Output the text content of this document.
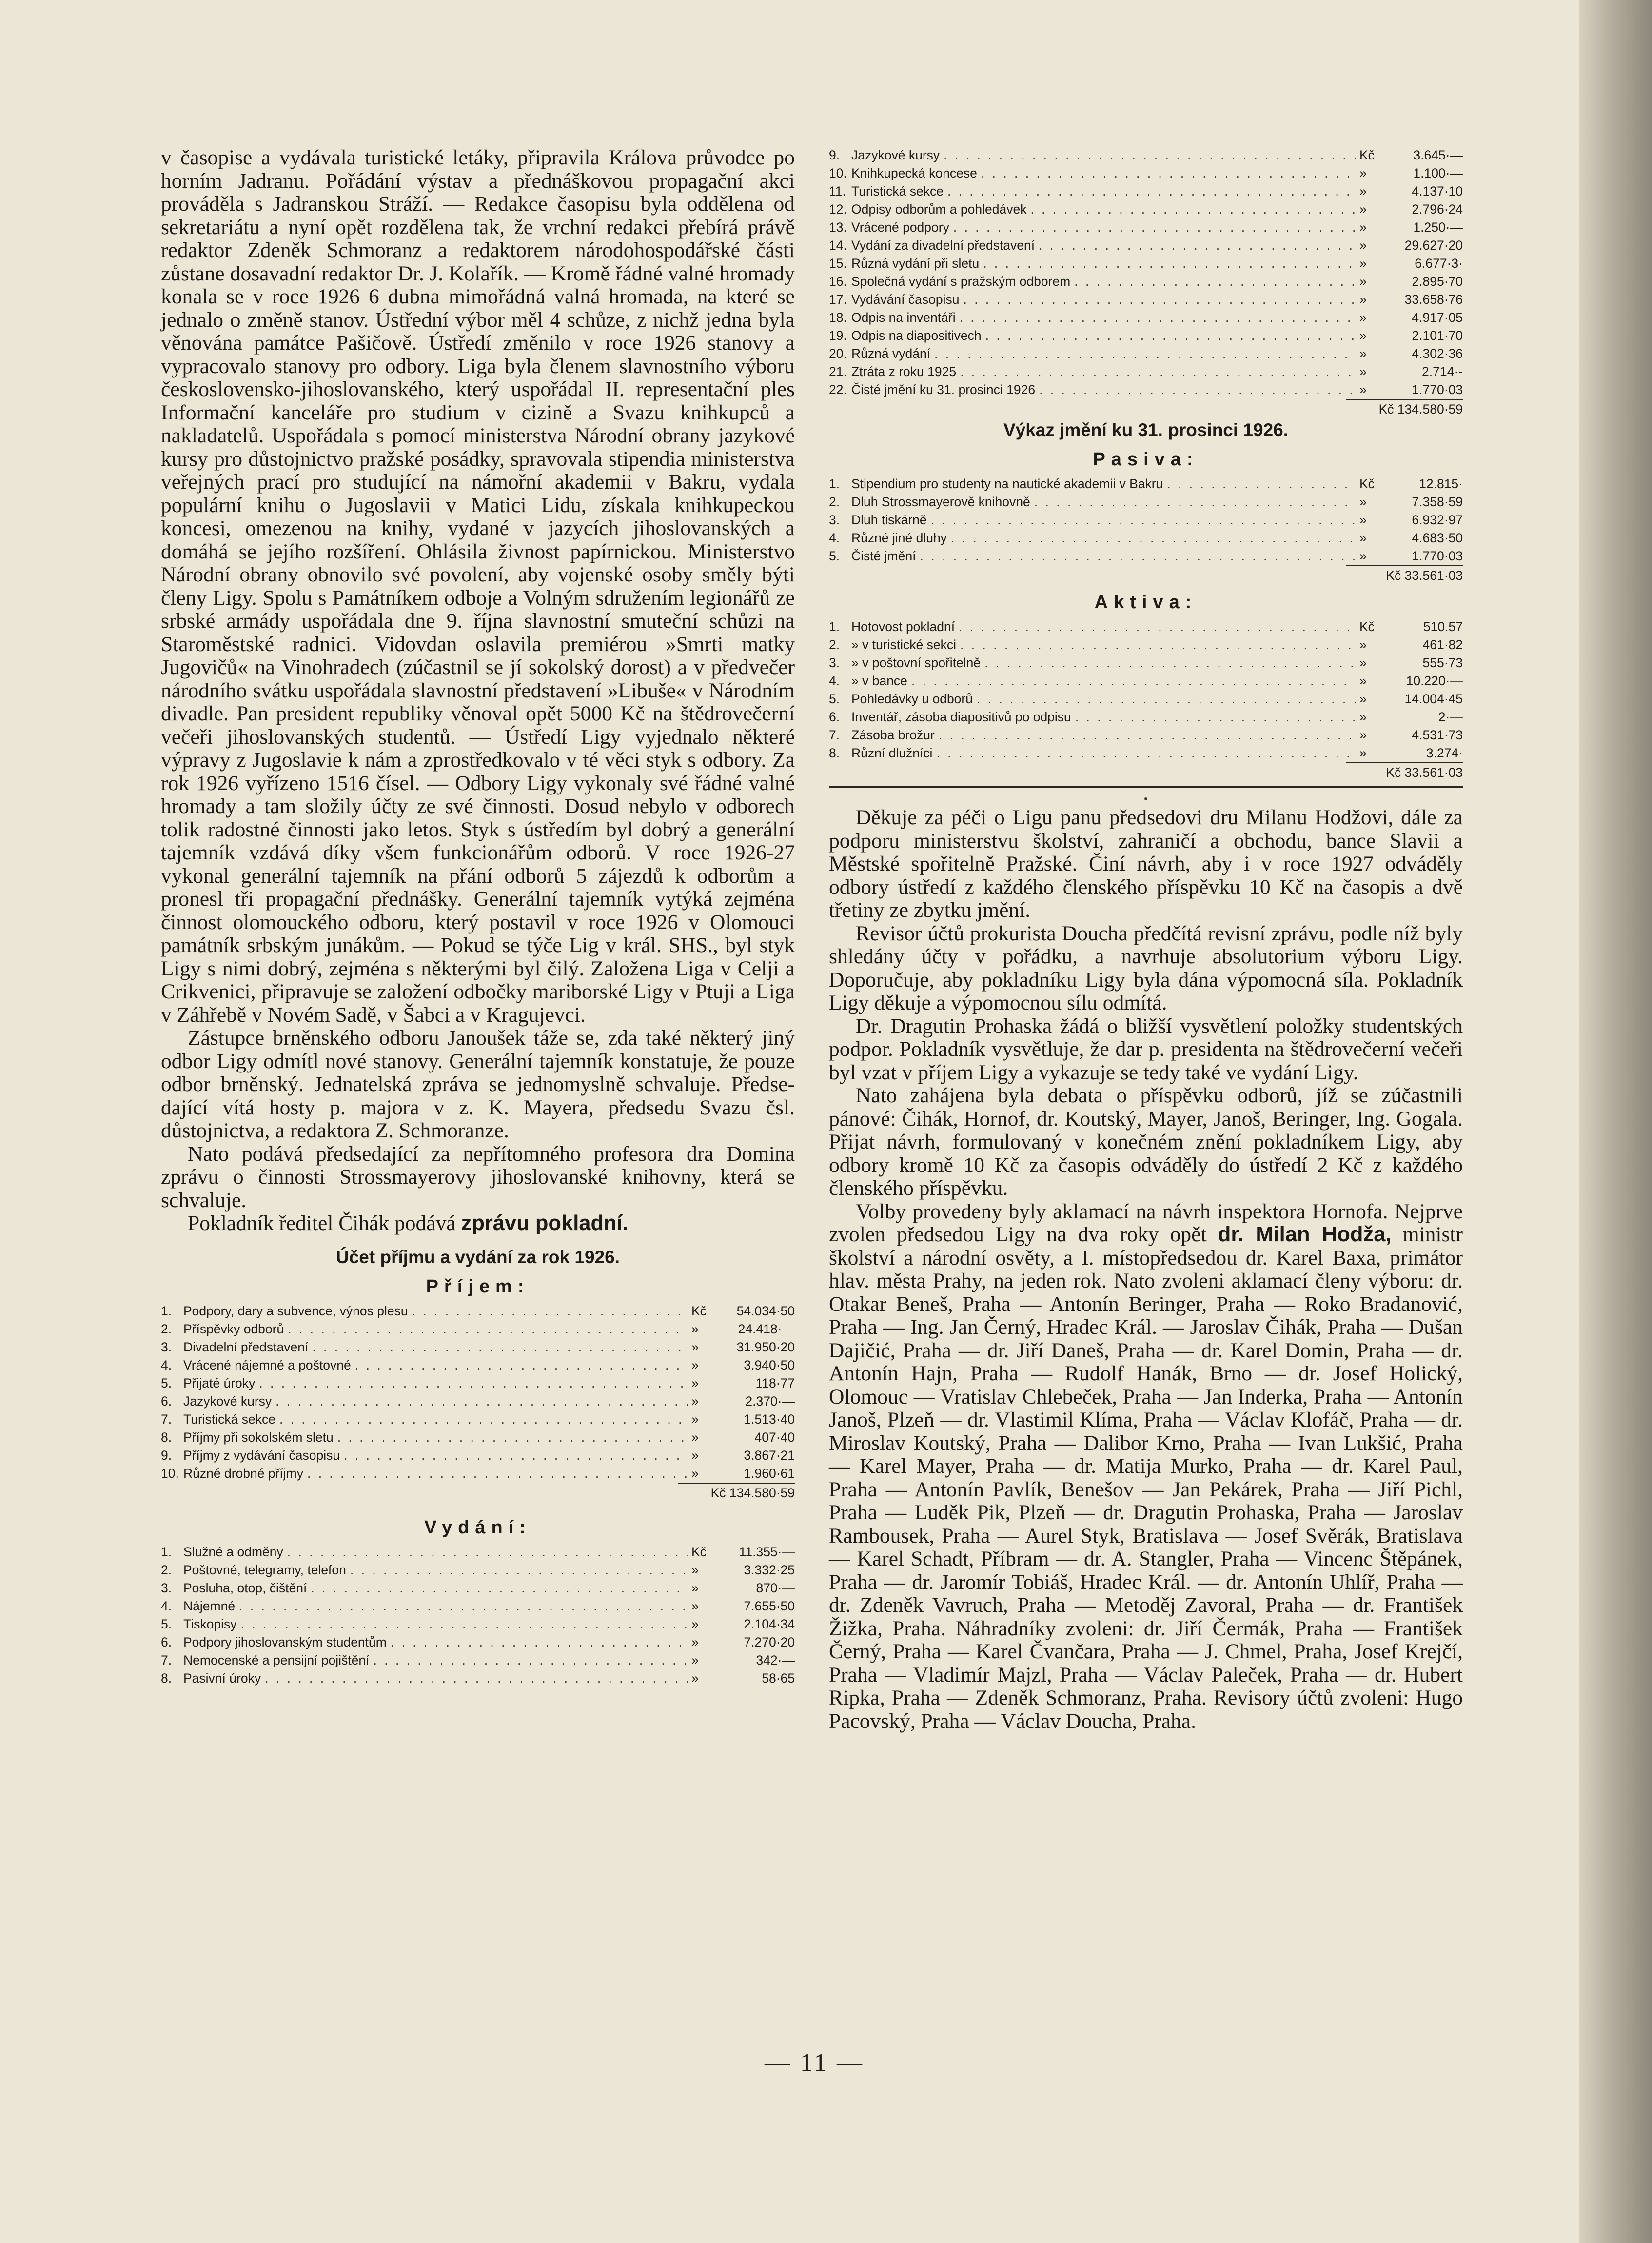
v časopise a vydávala turistické letáky, připravila Králova průvodce po horním Jadranu. Pořádání výstav a přednáškovou propagační akci prováděla s Jadranskou Stráží. — Redakce časopisu byla oddělena od sekretariátu a nyní opět rozdělena tak, že vrchní redakci přebírá právě redaktor Zdeněk Schmoranz a redaktorem národohospodářské části zůstane dosavadní redaktor Dr. J. Kolařík. — Kromě řádné valné hromady konala se v roce 1926 6 dubna mimořádná valná hromada, na které se jednalo o změně stanov. Ústřední výbor měl 4 schůze, z nichž jedna byla věnována památce Pašičově. Ústředí změnilo v roce 1926 stanovy a vypracovalo stanovy pro odbory. Liga byla členem slavnostního výboru československo-jihoslovanského, který uspořádal II. representační ples Informační kanceláře pro studium v cizině a Svazu knihkupců a nakladatelů. Uspořádala s pomocí ministerstva Národní obrany jazykové kursy pro důstojnictvo pražské posádky, spravovala stipendia ministerstva veřejných prací pro studující na námořní akademii v Bakru, vydala populární knihu o Jugoslavii v Matici Lidu, získala knihkupeckou koncesi, omezenou na knihy, vydané v jazycích jihoslovanských a domáhá se jejího rozšíření. Ohlásila živnost papírnickou. Ministerstvo Národní obrany obnovilo své povolení, aby vojenské osoby směly býti členy Ligy. Spolu s Památníkem odboje a Volným sdružením legionářů ze srbské armády uspořádala dne 9. října slavnostní smuteční schůzi na Staroměstské radnici. Vidovdan oslavila premiérou »Smrti matky Jugovičů« na Vinohradech (zúčastnil se jí sokolský dorost) a v předvečer národního svátku uspořádala slavnostní představení »Libuše« v Národním divadle. Pan president republiky věnoval opět 5000 Kč na štědrovečerní večeři jihoslovanských studentů. — Ústředí Ligy vyjednalo některé výpravy z Jugoslavie k nám a zprostředkovalo v té věci styk s odbory. Za rok 1926 vyřízeno 1516 čísel. — Odbory Ligy vykonaly své řádné valné hromady a tam složily účty ze své činnosti. Dosud nebylo v odborech tolik radostné činnosti jako letos. Styk s ústředím byl dobrý a generální tajemník vzdává díky všem funkcionářům odborů. V roce 1926-27 vykonal generální tajemník na přání odborů 5 zájezdů k odborům a pronesl tři propagační přednášky. Generální tajemník vytýká zejména činnost olomouckého odboru, který postavil v roce 1926 v Olomouci památník srbským junákům. — Pokud se týče Lig v král. SHS., byl styk Ligy s nimi dobrý, zejména s některými byl čilý. Založena Liga v Celji a Crikvenici, připravuje se založení odbočky mariborské Ligy v Ptuji a Liga v Záhřebě v Novém Sadě, v Šabci a v Kragujevci.

Zástupce brněnského odboru Janoušek táže se, zda také některý jiný odbor Ligy odmítl nové stanovy. Generální tajemník konstatuje, že pouze odbor brněnský. Jednatelská zpráva se jednomyslně schvaluje. Předsedající vítá hosty p. majora v z. K. Mayera, předsedu Svazu čsl. důstojnictva, a redaktora Z. Schmoranze.

Nato podává předsedající za nepřítomného profesora dra Domina zprávu o činnosti Strossmayerovy jihoslovanské knihovny, která se schvaluje.

Pokladník ředitel Čihák podává zprávu pokladní.

Účet příjmu a vydání za rok 1926.
Příjem:
1. Podpory, dary a subvence, výnos plesu . . .	Kč	54.034·50
2. Příspěvky odborů . . .	»	24.418·—
3. Divadelní představení . . .	»	31.950·20
4. Vrácené nájemné a poštovné . . .	»	3.940·50
5. Přijaté úroky . . .	»	118·77
6. Jazykové kursy . . .	»	2.370·—
7. Turistická sekce . . .	»	1.513·40
8. Příjmy při sokolském sletu . . .	»	407·40
9. Příjmy z vydávání časopisu . . .	»	3.867·21
10. Různé drobné příjmy . . .	»	1.960·61
Kč 134.580·59
Vydání:
1. Služné a odměny . . .	Kč	11.355·—
2. Poštovné, telegramy, telefon . . .	»	3.332·25
3. Posluha, otop, čištění . . .	»	870·—
4. Nájemné . . .	»	7.655·50
5. Tiskopisy . . .	»	2.104·34
6. Podpory jihoslovanským studentům . . .	»	7.270·20
7. Nemocenské a pensijní pojištění . . .	»	342·—
8. Pasivní úroky . . .	»	58·65
9. Jazykové kursy . . .	Kč	3.645·—
10. Knihkupecká koncese . . .	»	1.100·—
11. Turistická sekce . . .	»	4.137·10
12. Odpisy odborům a pohledávek . . .	»	2.796·24
13. Vrácené podpory . . .	»	1.250·—
14. Vydání za divadelní představení . . .	»	29.627·20
15. Různá vydání při sletu . . .	»	6.677·3·
16. Společná vydání s pražským odborem . . .	»	2.895·70
17. Vydávání časopisu . . .	»	33.658·76
18. Odpis na inventáři . . .	»	4.917·05
19. Odpis na diapositivech . . .	»	2.101·70
20. Různá vydání . . .	»	4.302·36
21. Ztráta z roku 1925 . . .	»	2.714·-
22. Čisté jmění ku 31. prosinci 1926 . . .	»	1.770·03
Kč 134.580·59
Výkaz jmění ku 31. prosinci 1926.
Pasiva:
1. Stipendium pro studenty na nautické akademii v Bakru . . .	Kč	12.815·
2. Dluh Strossmayerově knihovně . . .	»	7.358·59
3. Dluh tiskárně . . .	»	6.932·97
4. Různé jiné dluhy . . .	»	4.683·50
5. Čisté jmění . . .	»	1.770·03
Kč 33.561·03
Aktiva:
1. Hotovost pokladní . . .	Kč	510.57
2. » v turistické sekci . . .	»	461·82
3. » v poštovní spořitelně . . .	»	555·73
4. » v bance . . .	»	10.220·—
5. Pohledávky u odborů . . .	»	14.004·45
6. Inventář, zásoba diapositivů po odpisu . . .	»	2·—
7. Zásoba brožur . . .	»	4.531·73
8. Různí dlužníci . . .	»	3.274·
Kč 33.561·03

Děkuje za péči o Ligu panu předsedovi dru Milanu Hodžovi, dále za podporu ministerstvu školství, zahraničí a obchodu, bance Slavii a Městské spořitelně Pražské. Činí návrh, aby i v roce 1927 odváděly odbory ústředí z každého členského příspěvku 10 Kč na časopis a dvě třetiny ze zbytku jmění.

Revisor účtů prokurista Doucha předčítá revisní zprávu, podle níž byly shledány účty v pořádku, a navrhuje absolutorium výboru Ligy. Doporučuje, aby pokladníku Ligy byla dána výpomocná síla. Pokladník Ligy děkuje a výpomocnou sílu odmítá.

Dr. Dragutin Prohaska žádá o bližší vysvětlení položky studentských podpor. Pokladník vysvětluje, že dar p. presidenta na štědrovečerní večeři byl vzat v příjem Ligy a vykazuje se tedy také ve vydání Ligy.

Nato zahájena byla debata o příspěvku odborů, jíž se zúčastnili pánové: Čihák, Hornof, dr. Koutský, Mayer, Janoš, Beringer, Ing. Gogala. Přijat návrh, formulovaný v konečném znění pokladníkem Ligy, aby odbory kromě 10 Kč za časopis odváděly do ústředí 2 Kč z každého členského příspěvku.

Volby provedeny byly aklamací na návrh inspektora Hornofa. Nejprve zvolen předsedou Ligy na dva roky opět dr. Milan Hodža, ministr školství a národní osvěty, a I. místopředsedou dr. Karel Baxa, primátor hlav. města Prahy, na jeden rok. Nato zvoleni aklamací členy výboru: dr. Otakar Beneš, Praha — Antonín Beringer, Praha — Roko Bradanović, Praha — Ing. Jan Černý, Hradec Král. — Jaroslav Čihák, Praha — Dušan Dajičić, Praha — dr. Jiří Daneš, Praha — dr. Karel Domin, Praha — dr. Antonín Hajn, Praha — Rudolf Hanák, Brno — dr. Josef Holický, Olomouc — Vratislav Chlebeček, Praha — Jan Inderka, Praha — Antonín Janoš, Plzeň — dr. Vlastimil Klíma, Praha — Václav Klofáč, Praha — dr. Miroslav Koutský, Praha — Dalibor Krno, Praha — Ivan Lukšić, Praha — Karel Mayer, Praha — dr. Matija Murko, Praha — dr. Karel Paul, Praha — Antonín Pavlík, Benešov — Jan Pekárek, Praha — Jiří Pichl, Praha — Luděk Pik, Plzeň — dr. Dragutin Prohaska, Praha — Jaroslav Rambousek, Praha — Aurel Styk, Bratislava — Josef Svěrák, Bratislava — Karel Schadt, Příbram — dr. A. Stangler, Praha — Vincenc Štěpánek, Praha — dr. Jaromír Tobiáš, Hradec Král. — dr. Antonín Uhlíř, Praha — dr. Zdeněk Vavruch, Praha — Metoděj Zavoral, Praha — dr. František Žižka, Praha. Náhradníky zvoleni: dr. Jiří Čermák, Praha — František Černý, Praha — Karel Čvančara, Praha — J. Chmel, Praha, Josef Krejčí, Praha — Vladimír Majzl, Praha — Václav Paleček, Praha — dr. Hubert Ripka, Praha — Zdeněk Schmoranz, Praha. Revisory účtů zvoleni: Hugo Pacovský, Praha — Václav Doucha, Praha.

— 11 —
